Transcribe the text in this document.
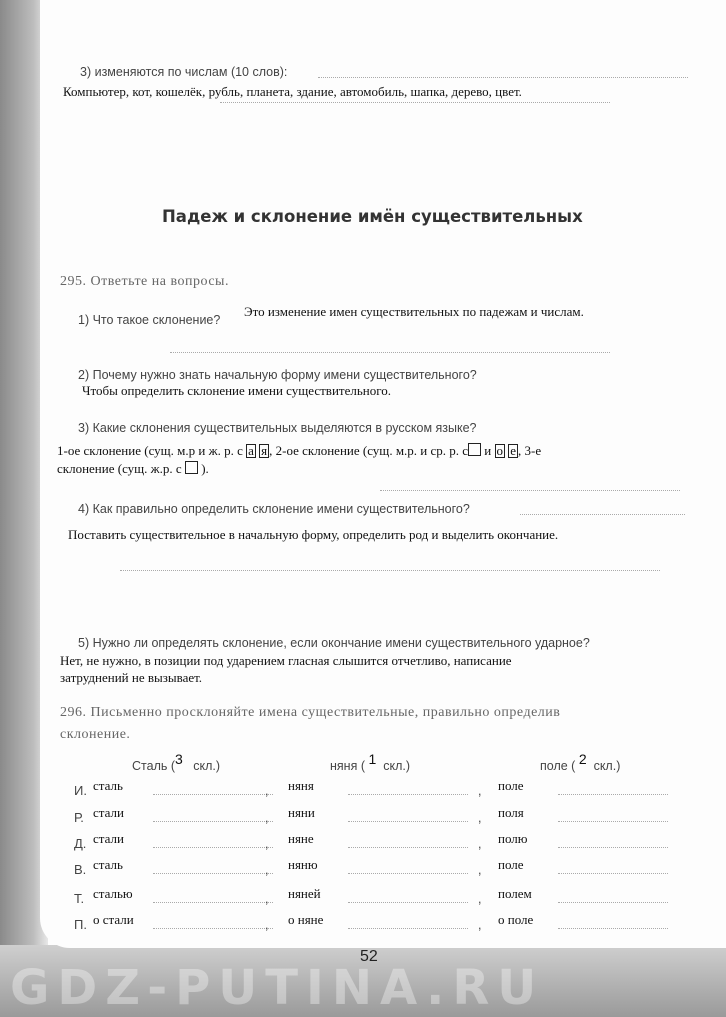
3) изменяются по числам (10 слов):
Компьютер, кот, кошелёк, рубль, планета, здание, автомобиль, шапка, дерево, цвет.
Падеж и склонение имён существительных
295. Ответьте на вопросы.
Это изменение имен существительных по падежам и числам.
1) Что такое склонение?
2) Почему нужно знать начальную форму имени существительного?
Чтобы определить склонение имени существительного.
3) Какие склонения существительных выделяются в русском языке?
1-ое склонение (сущ. м.р и ж. р. с а я , 2-ое склонение (сущ. м.р. и ср. р. с и о е , 3-е
склонение (сущ. ж.р. с ).
4) Как правильно определить склонение имени существительного?
Поставить существительное в начальную форму, определить род и выделить окончание.
5) Нужно ли определять склонение, если окончание имени существительного ударное?
Нет, не нужно, в позиции под ударением гласная слышится отчетливо, написание
затруднений не вызывает.
296. Письменно просклоняйте имена существительные, правильно определив
склонение.
Сталь (3 скл.)	няня ( 1 скл.)	поле ( 2 скл.)
И. сталь	, няня	, поле
Р. стали	, няни	, поля
Д. стали	, няне	, полю
В. сталь	, няню	, поле
Т. сталью	, няней	, полем
П. о стали	, о няне	, о поле
GDZ-PUTINA.RU
52
